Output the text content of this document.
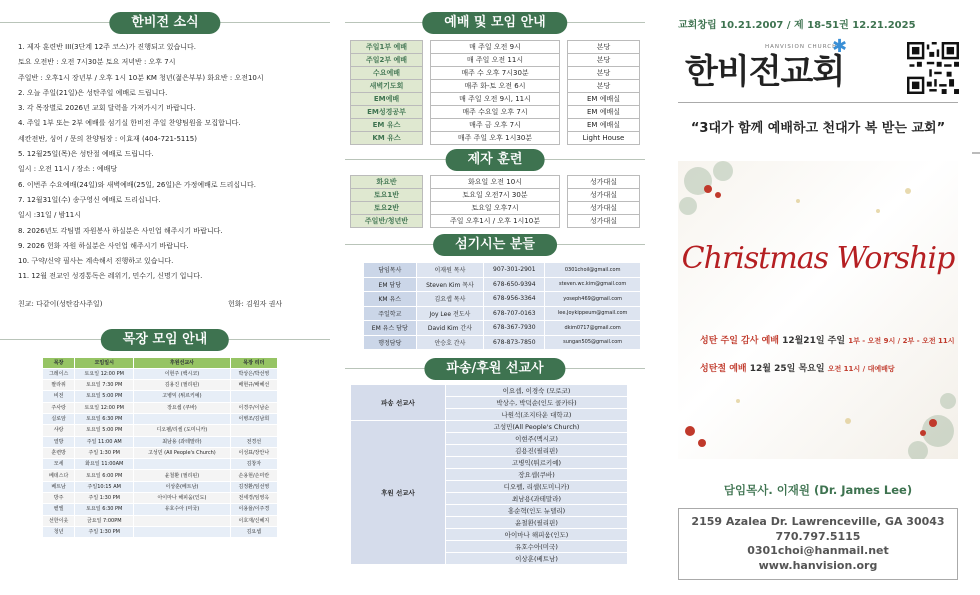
한비전 소식
1. 제자 훈련반 III(3단계 12주 코스)가 진행되고 있습니다.
토요 오전반 : 오전 7시30분 토요 저녁반 : 오후 7시
주일반 : 오후1시 장년부 / 오후 1시 10분 KM 청년(젊은부부) 화요반 : 오전10시
2. 오늘 주일(21일)은 성탄주일 예배로 드립니다.
3. 각 목장별로 2026년 교회 달력을 가져가시기 바랍니다.
4. 주일 1부 또는 2부 예배를 섬기실 한비전 주일 찬양팀원을 모집합니다.
세칸전반, 싱어 / 문의 찬양팀장 : 이효재 (404-721-5115)
5. 12월25일(목)은 성탄절 예배로 드립니다.
일시 : 오전 11시 / 장소 : 예배당
6. 이번주 수요예배(24일)와 새벽예배(25일, 26일)은 가정예배로 드리십니다.
7. 12월31일(수) 송구영신 예배로 드리십니다.
일시 :31일 / 밤11시
8. 2026년도 각팀별 자원봉사 하실분은 사인업 해주시기 바랍니다.
9. 2026 헌화 자원 하실분은 사인업 해주시기 바랍니다.
10. 구약/신약 필사는 계속해서 진행하고 있습니다.
11. 12월 전교인 성경통독은 레위기, 민수기, 신명기 입니다.
친교: 다같이(성탄감사주일)	헌화: 김원자 권사
목장 모임 안내
목장	모임일시	후원선교사	목장 리더
그레이스	토요일 12:00 PM	이현주 (백시코)	박상은/박선영
팔라위	토요일 7:30 PM	김용진 (필리핀)	배현규/배혜선
비전	토요일 5:00 PM	고병익 (튀르키예)	
주사랑	토요일 12:00 PM	장요셉 (쿠바)	이경주/이남순
실로암	토요일 6:30 PM		이병조/김남희
샤랑	토요일 5:00 PM	디오펠/리셀 (도미니카)	
열방	주일 11:00 AM	최남용 (과테말라)	전경선
훈련방	주일 1:30 PM	고성민 (All People's Church)	이성표/장안나
모세	화요일 11:00AM		김창자
베데스다	토요일 6:00 PM	윤철환 (필리핀)	손용현/손미란
베트남	주일10:15 AM	이상훈(베트남)	김정환/임선영
방주	주일 1:30 PM	아이마나 해피움(인도)	전세경/임영옥
벧엘	토요일 6:30 PM	유호수아 (미국)	이용율/이주경
선한이웃	금요일 7:00PM		이호재/신혜지
청년	주일 1:30 PM		김요셉
예배 및 모임 안내
주일1부 예배		매 주일 오전 9시		본당
주일2부 예배		매 주일 오전 11시		본당
수요예배		매주 수 오후 7시30분		본당
새벽기도회		매주 화-토 오전 6시		본당
EM예배		매 주일 오전 9시, 11시		EM 예배실
EM성경공부		매주 수요일 오후 7시		EM 예배실
EM 유스		매주 금 오후 7시		EM 예배실
KM 유스		매주 주일 오후 1시30분		Light House
제자 훈련
화요반		화요일 오전 10시		성가대실
토요1반		토요일 오전7시 30분		성가대실
토요2반		토요일 오후7시		성가대실
주일반/청년반		주일 오후1시 / 오후 1시10분		성가대실
섬기시는 분들
담임목사	이재원 목사	907-301-2901	0301choil@gmail.com
EM 담당	Steven Kim 목사	678-650-9394	steven.wc.kim@gmail.com
KM 유스	김요셉 목사	678-956-3364	yoseph469@gmail.com
주일학교	Joy Lee 전도사	678-707-0163	lee.Joykippeum@gmail.com
EM 유스 담당	David Kim 간사	678-367-7930	dkim0717@gmail.com
행정담당	안승호 간사	678-873-7850	sungan505@gmail.com
파송/후원 선교사
파송 선교사	이요셉, 이경숙 (모로코)
	박상수, 박덕순(인도 콜카타)
	나원석(조지타운 대학교)
후원 선교사	고성민(All People's Church)
	이현주(멕시코)
	김용진(필리핀)
	고병익(튀르키예)
	장요셉(쿠바)
	디오펠, 리셀(도미니카)
	최남용(과테말라)
	홍순혁(인도 뉴델리)
	윤철환(필리핀)
	아이마나 해피움(인도)
	유호수아(미국)
	이상훈(베트남)
교회창립 10.21.2007 / 제 18-51권 12.21.2025
한비전교회
HANVISION CHURCH
✱
“3대가 함께 예배하고 천대가 복 받는 교회”
Christmas Worship
성탄 주일 감사 예배 12월21일 주일 1부 - 오전 9시 / 2부 - 오전 11시
성탄절 예배 12월 25일 목요일 오전 11시 / 대예배당
담임목사. 이재원 (Dr. James Lee)
2159 Azalea Dr. Lawrenceville, GA 30043
770.797.5115
0301choi@hanmail.net
www.hanvision.org
